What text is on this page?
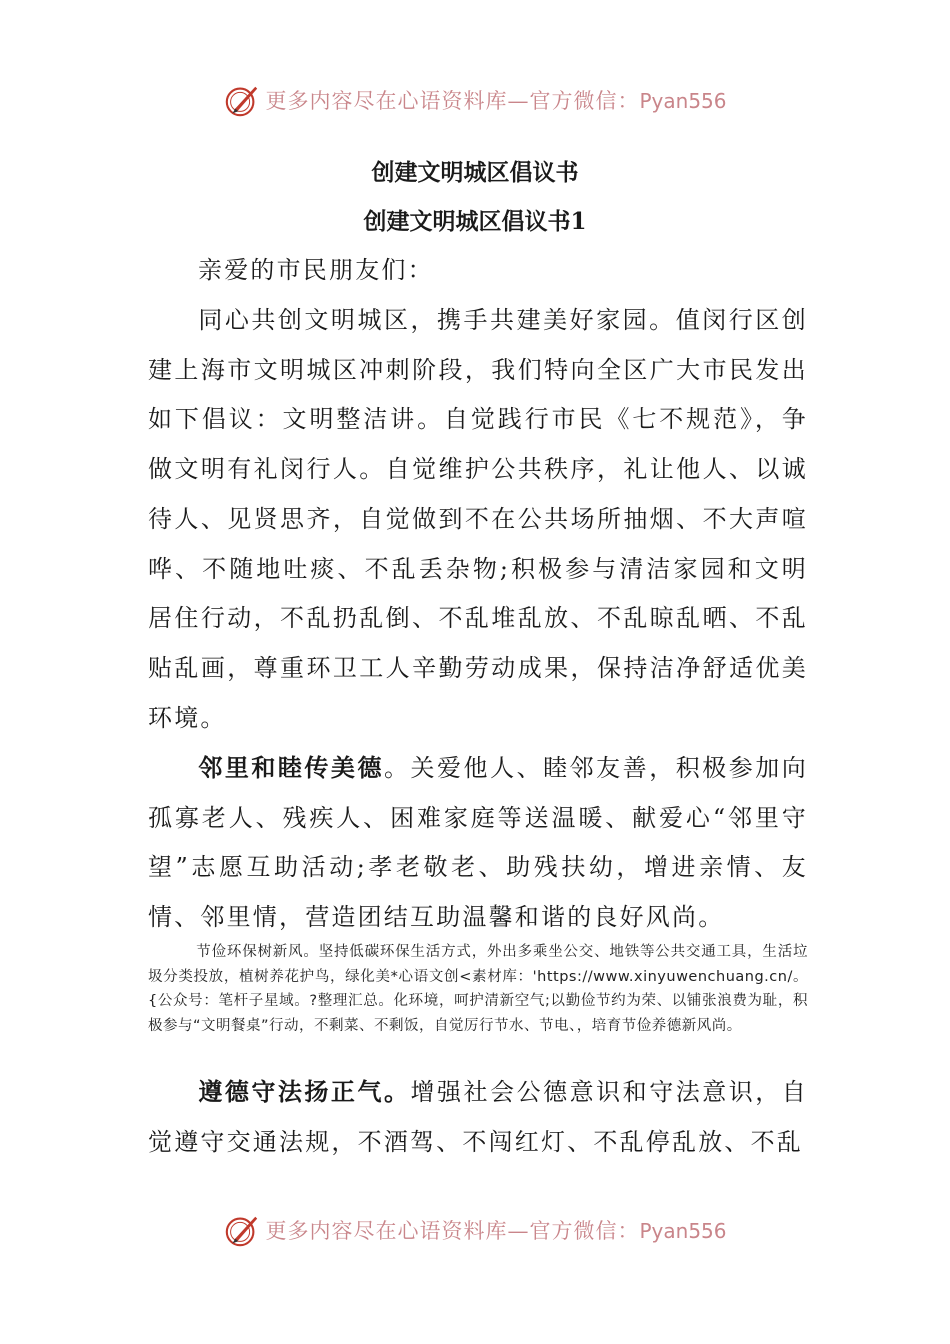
更多内容尽在心语资料库—官方微信：Pyan556
创建文明城区倡议书
创建文明城区倡议书1

亲爱的市民朋友们：

同心共创文明城区，携手共建美好家园。值闵行区创建上海市文明城区冲刺阶段，我们特向全区广大市民发出如下倡议：文明整洁讲。自觉践行市民《七不规范》，争做文明有礼闵行人。自觉维护公共秩序，礼让他人、以诚待人、见贤思齐，自觉做到不在公共场所抽烟、不大声喧哗、不随地吐痰、不乱丢杂物;积极参与清洁家园和文明居住行动，不乱扔乱倒、不乱堆乱放、不乱晾乱晒、不乱贴乱画，尊重环卫工人辛勤劳动成果，保持洁净舒适优美环境。

邻里和睦传美德。关爱他人、睦邻友善，积极参加向孤寡老人、残疾人、困难家庭等送温暖、献爱心“邻里守望”志愿互助活动;孝老敬老、助残扶幼，增进亲情、友情、邻里情，营造团结互助温馨和谐的良好风尚。

节俭环保树新风。坚持低碳环保生活方式，外出多乘坐公交、地铁等公共交通工具，生活垃圾分类投放，植树养花护鸟，绿化美*心语文创<素材库：'https://www.xinyuwenchuang.cn/。{公众号：笔杆子星域。?整理汇总。化环境，呵护清新空气;以勤俭节约为荣、以铺张浪费为耻，积极参与“文明餐桌”行动，不剩菜、不剩饭，自觉厉行节水、节电、，培育节俭养德新风尚。

遵德守法扬正气。增强社会公德意识和守法意识，自觉遵守交通法规，不酒驾、不闯红灯、不乱停乱放、不乱

更多内容尽在心语资料库—官方微信：Pyan556
